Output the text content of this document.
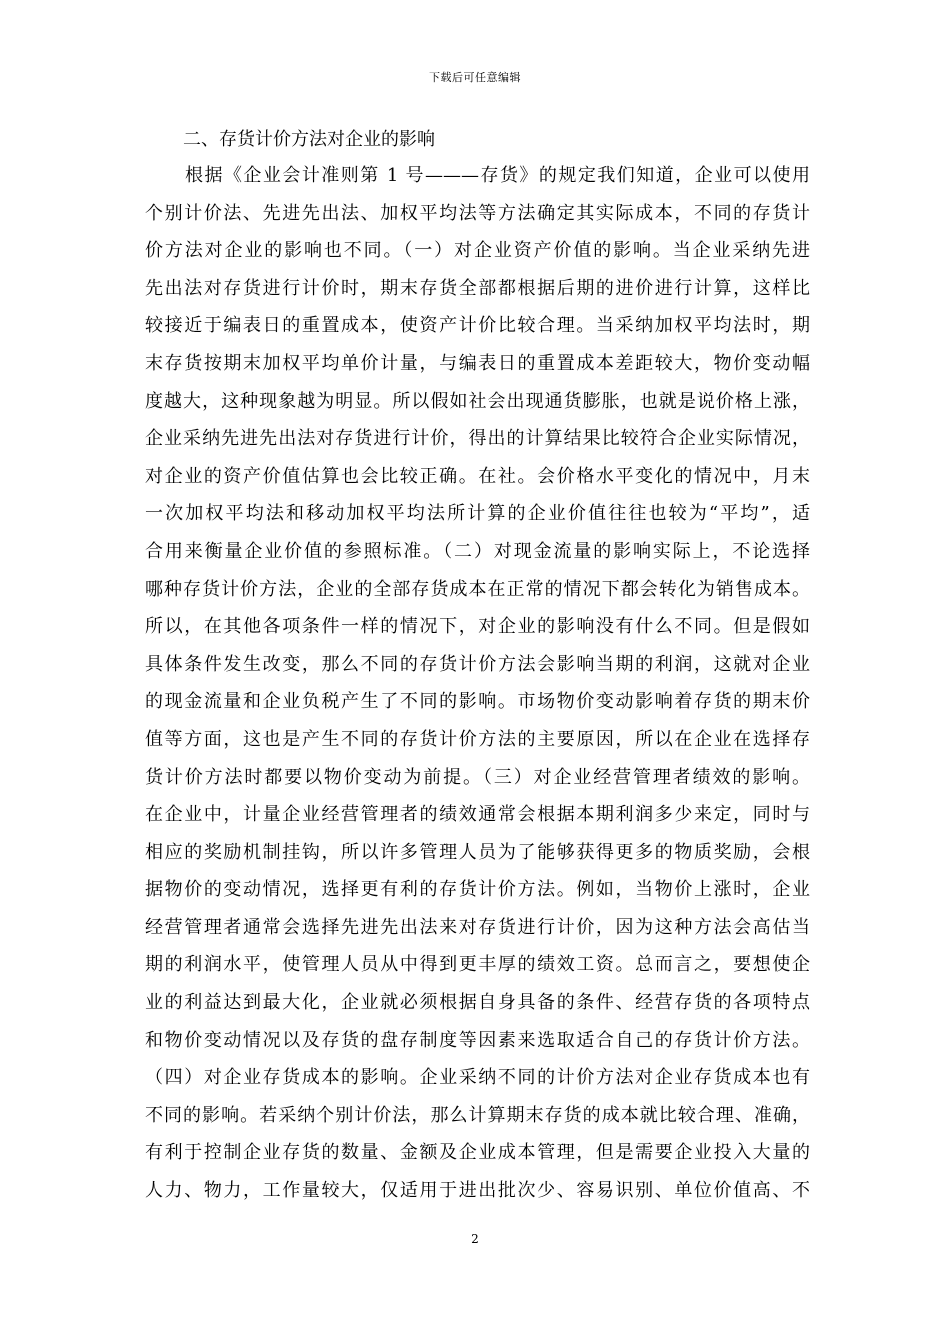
下载后可任意编辑
二、存货计价方法对企业的影响
根据《企业会计准则第 1 号———存货》的规定我们知道，企业可以使用
个别计价法、先进先出法、加权平均法等方法确定其实际成本，不同的存货计
价方法对企业的影响也不同。（一）对企业资产价值的影响。当企业采纳先进
先出法对存货进行计价时，期末存货全部都根据后期的进价进行计算，这样比
较接近于编表日的重置成本，使资产计价比较合理。当采纳加权平均法时，期
末存货按期末加权平均单价计量，与编表日的重置成本差距较大，物价变动幅
度越大，这种现象越为明显。所以假如社会出现通货膨胀，也就是说价格上涨，
企业采纳先进先出法对存货进行计价，得出的计算结果比较符合企业实际情况，
对企业的资产价值估算也会比较正确。在社。会价格水平变化的情况中，月末
一次加权平均法和移动加权平均法所计算的企业价值往往也较为“平均”，适
合用来衡量企业价值的参照标准。（二）对现金流量的影响实际上，不论选择
哪种存货计价方法，企业的全部存货成本在正常的情况下都会转化为销售成本。
所以，在其他各项条件一样的情况下，对企业的影响没有什么不同。但是假如
具体条件发生改变，那么不同的存货计价方法会影响当期的利润，这就对企业
的现金流量和企业负税产生了不同的影响。市场物价变动影响着存货的期末价
值等方面，这也是产生不同的存货计价方法的主要原因，所以在企业在选择存
货计价方法时都要以物价变动为前提。（三）对企业经营管理者绩效的影响。
在企业中，计量企业经营管理者的绩效通常会根据本期利润多少来定，同时与
相应的奖励机制挂钩，所以许多管理人员为了能够获得更多的物质奖励，会根
据物价的变动情况，选择更有利的存货计价方法。例如，当物价上涨时，企业
经营管理者通常会选择先进先出法来对存货进行计价，因为这种方法会高估当
期的利润水平，使管理人员从中得到更丰厚的绩效工资。总而言之，要想使企
业的利益达到最大化，企业就必须根据自身具备的条件、经营存货的各项特点
和物价变动情况以及存货的盘存制度等因素来选取适合自己的存货计价方法。
（四）对企业存货成本的影响。企业采纳不同的计价方法对企业存货成本也有
不同的影响。若采纳个别计价法，那么计算期末存货的成本就比较合理、准确，
有利于控制企业存货的数量、金额及企业成本管理，但是需要企业投入大量的
人力、物力，工作量较大，仅适用于进出批次少、容易识别、单位价值高、不
2
